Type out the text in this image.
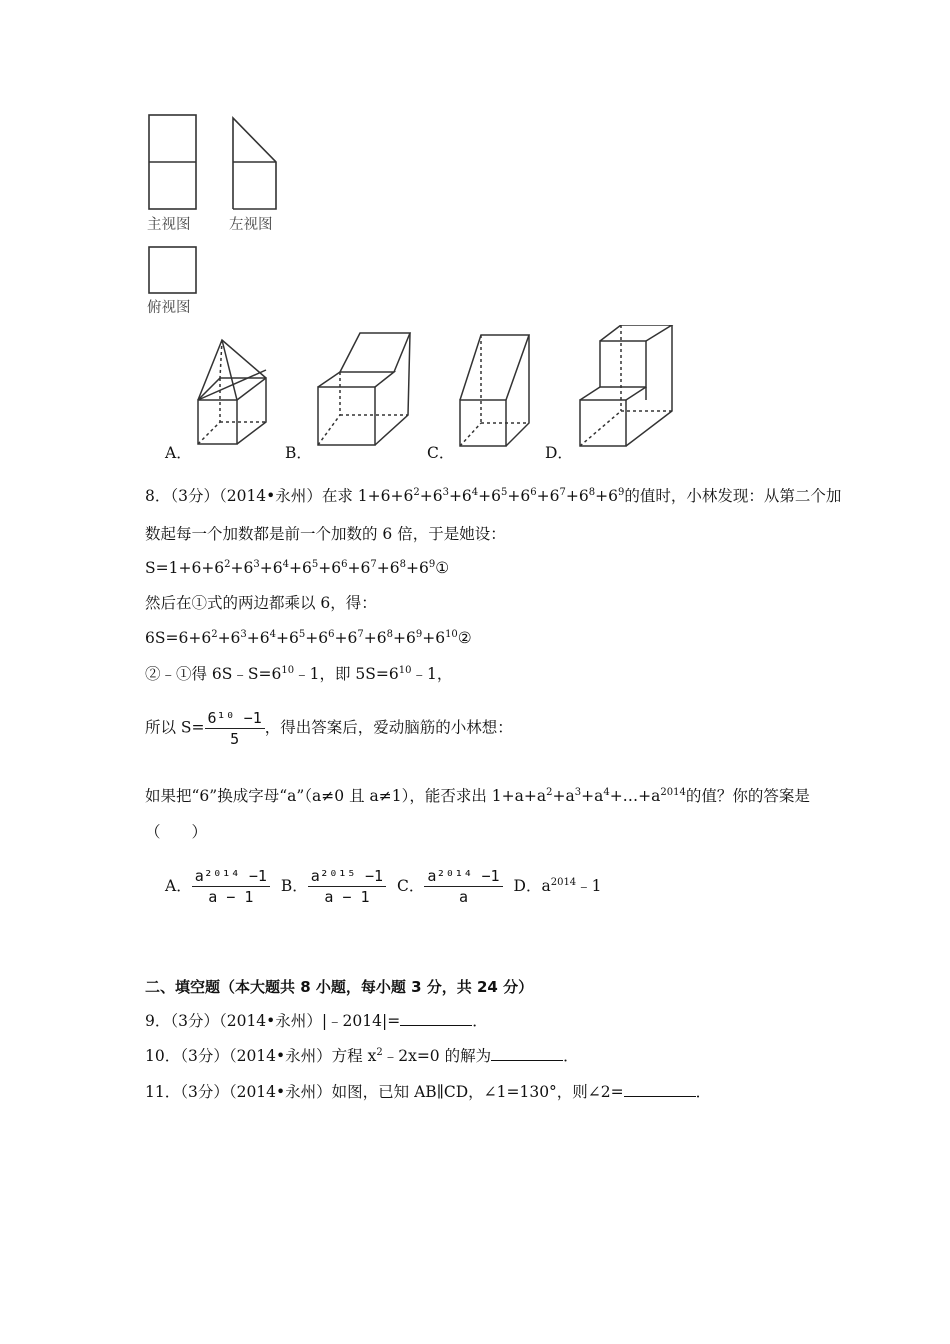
主视图	左视图
俯视图
A．	B．	C．	D．
8．（3分）（2014•永州）在求 $1+6+6^2+6^3+6^4+6^5+6^6+6^7+6^8+6^9$的值时，小林发现：从第二个加
数起每一个加数都是前一个加数的 6 倍，于是她设：
$S=1+6+6^2+6^3+6^4+6^5+6^6+6^7+6^8+6^9①$
然后在①式的两边都乘以 6，得：
$6S=6+6^2+6^3+6^4+6^5+6^6+6^7+6^8+6^9+6^{10}②$
②﹣①得 $6S﹣S=6^{10}﹣1$，即 $5S=6^{10}﹣1$，
所以 $S= \frac{\text{6¹⁰ −1}}{5}$ ，得出答案后，爱动脑筋的小林想：
如果把“6”换成字母“a”（a≠0 且 a≠1），能否求出 $1+a+a^2+a^3+a^4+\dots+a^{2014}$的值？你的答案是
（　　）
A． $\frac{\text{a²⁰¹⁴ −1}}{a - 1}$ B． $\frac{\text{a²⁰¹⁵ −1}}{a - 1}$ C． $\frac{\text{a²⁰¹⁴ −1}}{a}$ D．$a^{2014}﹣1$
二、填空题（本大题共 8 小题，每小题 3 分，共 24 分）
9．（3分）（2014•永州）|﹣2014|=	．
10．（3分）（2014•永州）方程 $x^2﹣2x=0$ 的解为	．
11．（3分）（2014•永州）如图，已知 AB∥CD，∠1=130°，则∠2=	．
